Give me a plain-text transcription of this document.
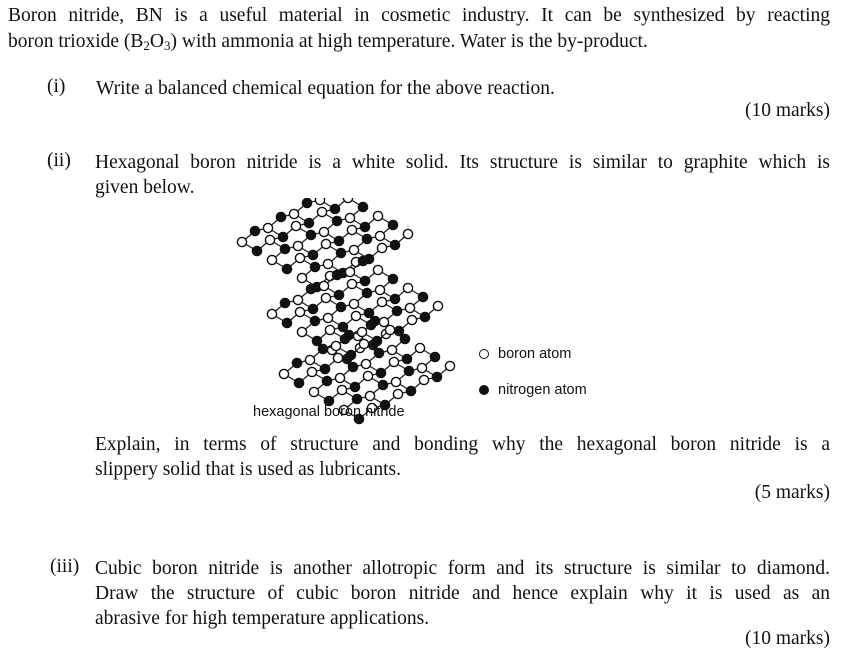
Boron nitride, BN is a useful material in cosmetic industry. It can be synthesized by reacting
boron trioxide $(B_2O_3)$ with ammonia at high temperature. Water is the by-product.
(i) Write a balanced chemical equation for the above reaction.
(10 marks)
(ii) Hexagonal boron nitride is a white solid. Its structure is similar to graphite which is
given below.
hexagonal boron nitride
boron atom
nitrogen atom
Explain, in terms of structure and bonding why the hexagonal boron nitride is a
slippery solid that is used as lubricants.
(5 marks)
(iii) Cubic boron nitride is another allotropic form and its structure is similar to diamond.
Draw the structure of cubic boron nitride and hence explain why it is used as an
abrasive for high temperature applications.
(10 marks)
